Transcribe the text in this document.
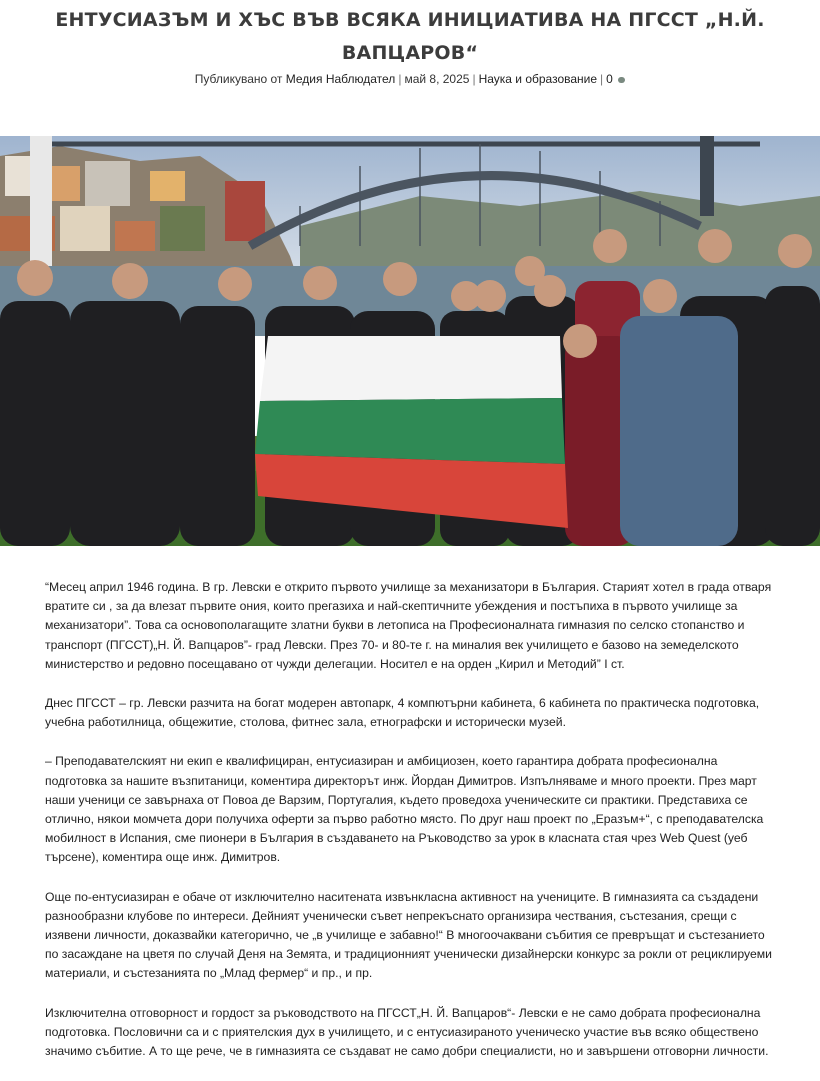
ЕНТУСИАЗЪМ И ХЪС ВЪВ ВСЯКА ИНИЦИАТИВА НА ПГССТ „Н.Й. ВАПЦАРОВ“
Публикувано от Медия Наблюдател | май 8, 2025 | Наука и образование | 0

“Месец април 1946 година. В гр. Левски е открито първото училище за механизатори в България. Старият хотел в града отваря вратите си , за да влезат първите ония, които прегазиха и най-скептичните убеждения и постъпиха в първото училище за механизатори”. Това са основополагащите златни букви в летописа на Професионалната гимназия по селско стопанство и транспорт (ПГССТ)„Н. Й. Вапцаров”- град Левски. През 70- и 80-те г. на миналия век училището е базово на земеделското министерство и редовно посещавано от чужди делегации. Носител е на орден „Кирил и Методий” I ст.

Днес ПГССТ – гр. Левски разчита на богат модерен автопарк, 4 компютърни кабинета, 6 кабинета по практическа подготовка, учебна работилница, общежитие, столова, фитнес зала, етнографски и исторически музей.

– Преподавателският ни екип е квалифициран, ентусиазиран и амбициозен, което гарантира добрата професионална подготовка за нашите възпитаници, коментира директорът инж. Йордан Димитров. Изпълняваме и много проекти. През март наши ученици се завърнаха от Повоа де Варзим, Португалия, където проведоха ученическите си практики. Представиха се отлично, някои момчета дори получиха оферти за първо работно място. По друг наш проект по „Еразъм+“, с преподавателска мобилност в Испания, сме пионери в България в създаването на Ръководство за урок в класната стая чрез Web Quest (уеб търсене), коментира още инж. Димитров.

Още по-ентусиазиран е обаче от изключително наситената извънкласна активност на учениците. В гимназията са създадени разнообразни клубове по интереси. Дейният ученически съвет непрекъснато организира чествания, състезания, срещи с изявени личности, доказвайки категорично, че „в училище е забавно!“ В многоочаквани събития се превръщат и състезанието по засаждане на цветя по случай Деня на Земята, и традиционният ученически дизайнерски конкурс за рокли от рециклируеми материали, и състезанията по „Млад фермер“ и пр., и пр.

Изключителна отговорност и гордост за ръководството на ПГССТ„Н. Й. Вапцаров“- Левски е не само добрата професионална подготовка. Пословични са и с приятелския дух в училището, и с ентусиазираното ученическо участие във всяко обществено значимо събитие. А то ще рече, че в гимназията се създават не само добри специалисти, но и завършени отговорни личности.
